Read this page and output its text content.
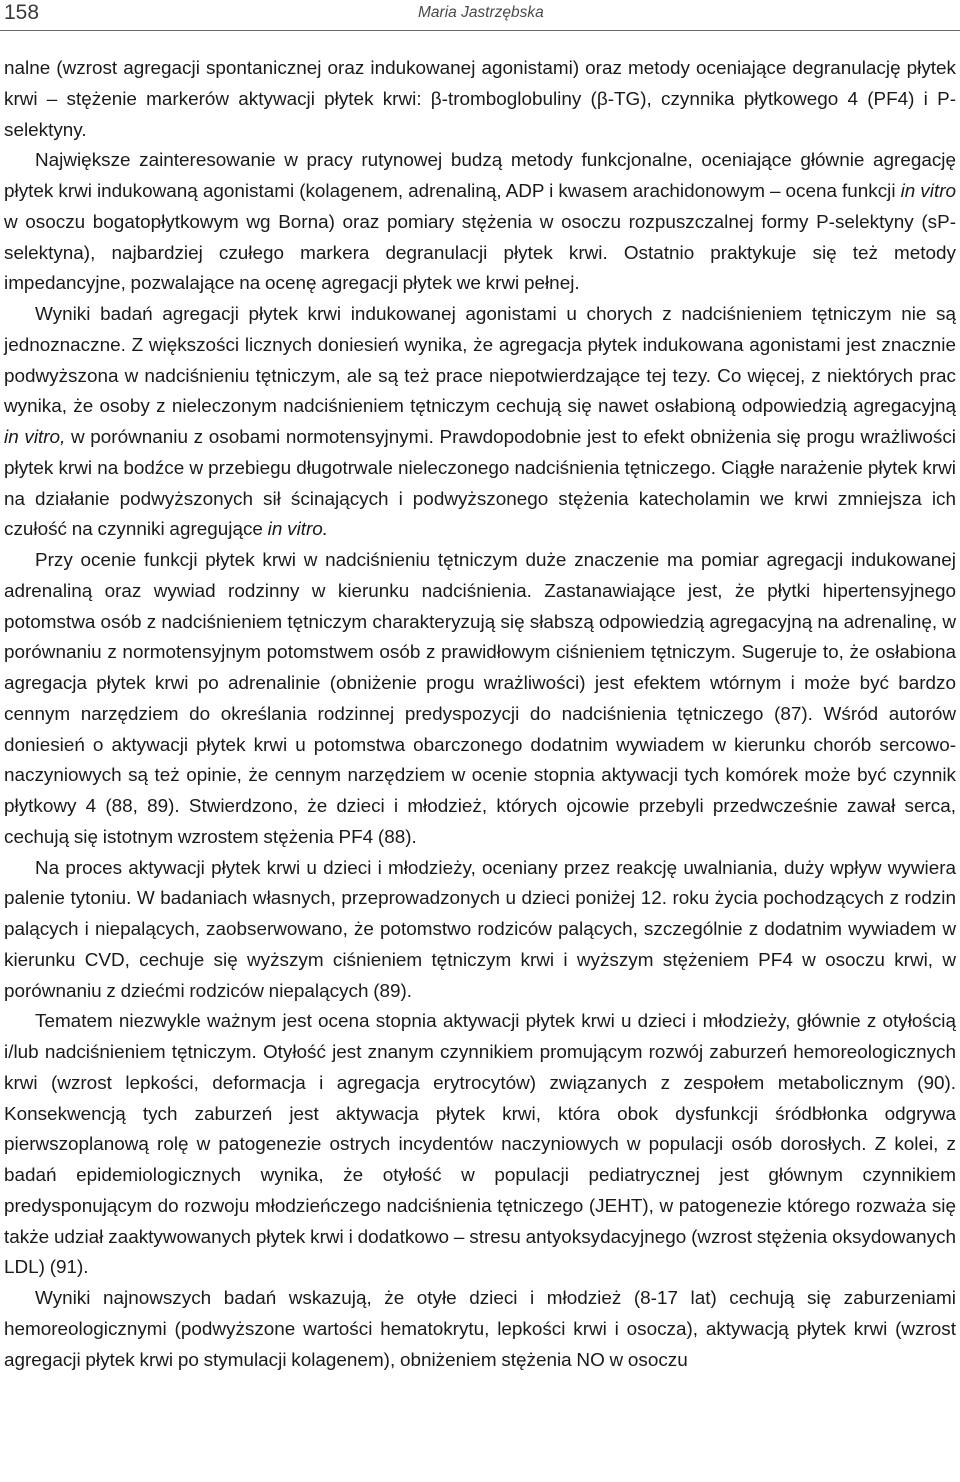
158	Maria Jastrzębska

nalne (wzrost agregacji spontanicznej oraz indukowanej agonistami) oraz metody oceniające degranulację płytek krwi – stężenie markerów aktywacji płytek krwi: β-tromboglobuliny (β-TG), czynnika płytkowego 4 (PF4) i P-selektyny.

Największe zainteresowanie w pracy rutynowej budzą metody funkcjonalne, oceniające głównie agregację płytek krwi indukowaną agonistami (kolagenem, adrenaliną, ADP i kwasem arachidonowym – ocena funkcji in vitro w osoczu bogatopłytkowym wg Borna) oraz pomiary stężenia w osoczu rozpuszczalnej formy P-selektyny (sP-selektyna), najbardziej czułego markera degranulacji płytek krwi. Ostatnio praktykuje się też metody impedancyjne, pozwalające na ocenę agregacji płytek we krwi pełnej.

Wyniki badań agregacji płytek krwi indukowanej agonistami u chorych z nadciśnieniem tętniczym nie są jednoznaczne. Z większości licznych doniesień wynika, że agregacja płytek indukowana agonistami jest znacznie podwyższona w nadciśnieniu tętniczym, ale są też prace niepotwierdzające tej tezy. Co więcej, z niektórych prac wynika, że osoby z nieleczonym nadciśnieniem tętniczym cechują się nawet osłabioną odpowiedzią agregacyjną in vitro, w porównaniu z osobami normotensyjnymi. Prawdopodobnie jest to efekt obniżenia się progu wrażliwości płytek krwi na bodźce w przebiegu długotrwale nieleczonego nadciśnienia tętniczego. Ciągłe narażenie płytek krwi na działanie podwyższonych sił ścinających i podwyższonego stężenia katecholamin we krwi zmniejsza ich czułość na czynniki agregujące in vitro.

Przy ocenie funkcji płytek krwi w nadciśnieniu tętniczym duże znaczenie ma pomiar agregacji indukowanej adrenaliną oraz wywiad rodzinny w kierunku nadciśnienia. Zastanawiające jest, że płytki hipertensyjnego potomstwa osób z nadciśnieniem tętniczym charakteryzują się słabszą odpowiedzią agregacyjną na adrenalinę, w porównaniu z normotensyjnym potomstwem osób z prawidłowym ciśnieniem tętniczym. Sugeruje to, że osłabiona agregacja płytek krwi po adrenalinie (obniżenie progu wrażliwości) jest efektem wtórnym i może być bardzo cennym narzędziem do określania rodzinnej predyspozycji do nadciśnienia tętniczego (87). Wśród autorów doniesień o aktywacji płytek krwi u potomstwa obarczonego dodatnim wywiadem w kierunku chorób sercowo-naczyniowych są też opinie, że cennym narzędziem w ocenie stopnia aktywacji tych komórek może być czynnik płytkowy 4 (88, 89). Stwierdzono, że dzieci i młodzież, których ojcowie przebyli przedwcześnie zawał serca, cechują się istotnym wzrostem stężenia PF4 (88).

Na proces aktywacji płytek krwi u dzieci i młodzieży, oceniany przez reakcję uwalniania, duży wpływ wywiera palenie tytoniu. W badaniach własnych, przeprowadzonych u dzieci poniżej 12. roku życia pochodzących z rodzin palących i niepalących, zaobserwowano, że potomstwo rodziców palących, szczególnie z dodatnim wywiadem w kierunku CVD, cechuje się wyższym ciśnieniem tętniczym krwi i wyższym stężeniem PF4 w osoczu krwi, w porównaniu z dziećmi rodziców niepalących (89).

Tematem niezwykle ważnym jest ocena stopnia aktywacji płytek krwi u dzieci i młodzieży, głównie z otyłością i/lub nadciśnieniem tętniczym. Otyłość jest znanym czynnikiem promującym rozwój zaburzeń hemoreologicznych krwi (wzrost lepkości, deformacja i agregacja erytrocytów) związanych z zespołem metabolicznym (90). Konsekwencją tych zaburzeń jest aktywacja płytek krwi, która obok dysfunkcji śródbłonka odgrywa pierwszoplanową rolę w patogenezie ostrych incydentów naczyniowych w populacji osób dorosłych. Z kolei, z badań epidemiologicznych wynika, że otyłość w populacji pediatrycznej jest głównym czynnikiem predysponującym do rozwoju młodzieńczego nadciśnienia tętniczego (JEHT), w patogenezie którego rozważa się także udział zaaktywowanych płytek krwi i dodatkowo – stresu antyoksydacyjnego (wzrost stężenia oksydowanych LDL) (91).

Wyniki najnowszych badań wskazują, że otyłe dzieci i młodzież (8-17 lat) cechują się zaburzeniami hemoreologicznymi (podwyższone wartości hematokrytu, lepkości krwi i osocza), aktywacją płytek krwi (wzrost agregacji płytek krwi po stymulacji kolagenem), obniżeniem stężenia NO w osoczu
